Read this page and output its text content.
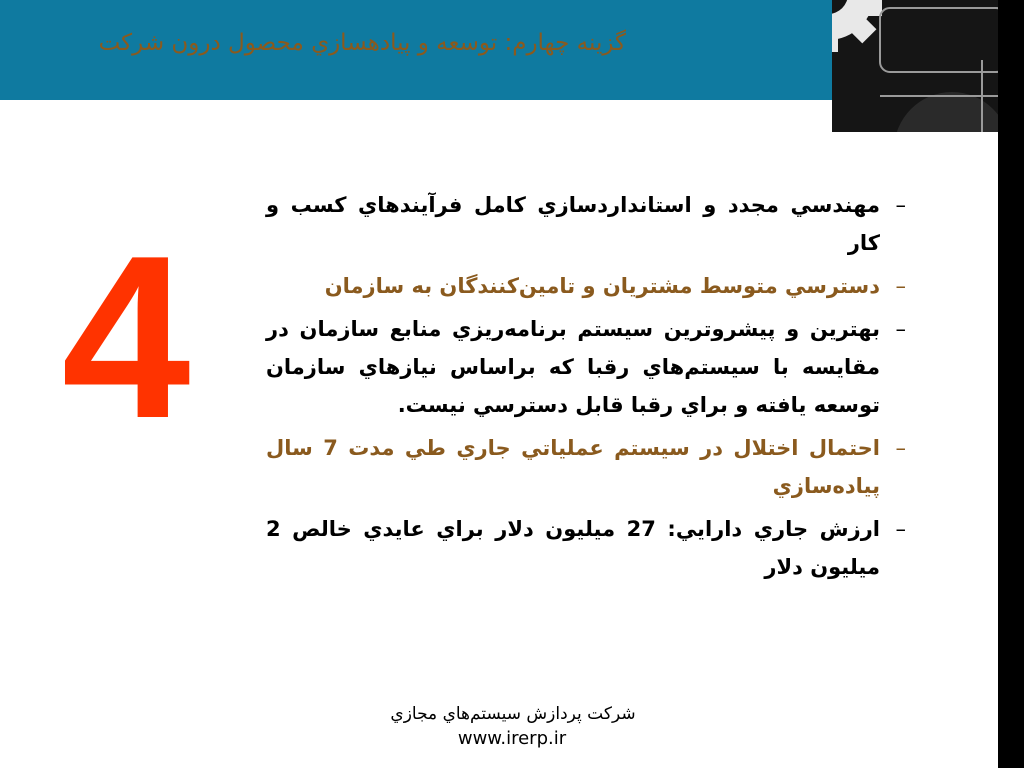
گزينه چهارم: توسعه و پيادهسازي محصول درون شركت
4
–
مهندسي مجدد و استانداردسازي كامل فرآيندهاي كسب و كار
–
دسترسي متوسط مشتريان و تامين‌كنندگان به سازمان
–
بهترين و پيشروترين سيستم برنامه‌ريزي منابع سازمان در مقايسه با سيستم‌هاي رقبا كه براساس نيازهاي سازمان توسعه يافته و براي رقبا قابل دسترسي نيست.
–
احتمال اختلال در سيستم عملياتي جاري طي مدت 7 سال پياده‌سازي
–
ارزش جاري دارايي: 27 ميليون دلار براي عايدي خالص 2 ميليون دلار
شركت پردازش سيستم‌هاي مجازي
www.irerp.ir
